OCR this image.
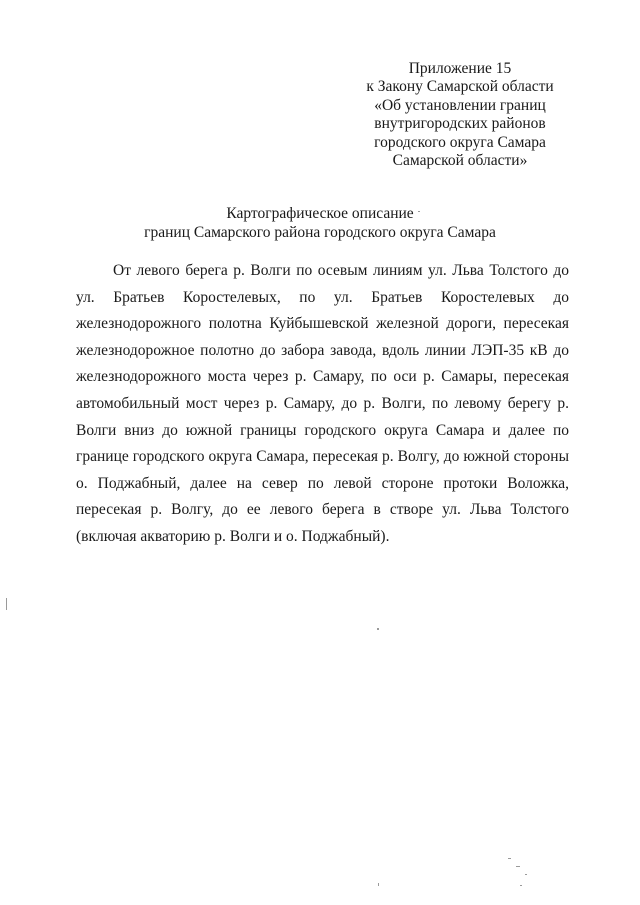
Приложение 15
к Закону Самарской области
«Об установлении границ
внутригородских районов
городского округа Самара
Самарской области»
Картографическое описание
границ Самарского района городского округа Самара

От левого берега р. Волги по осевым линиям ул. Льва Толстого до ул. Братьев Коростелевых, по ул. Братьев Коростелевых до железнодорожного полотна Куйбышевской железной дороги, пересекая железнодорожное полотно до забора завода, вдоль линии ЛЭП-35 кВ до железнодорожного моста через р. Самару, по оси р. Самары, пересекая автомобильный мост через р. Самару, до р. Волги, по левому берегу р. Волги вниз до южной границы городского округа Самара и далее по границе городского округа Самара, пересекая р. Волгу, до южной стороны о. Поджабный, далее на север по левой стороне протоки Воложка, пересекая р. Волгу, до ее левого берега в створе ул. Льва Толстого (включая акваторию р. Волги и о. Поджабный).
